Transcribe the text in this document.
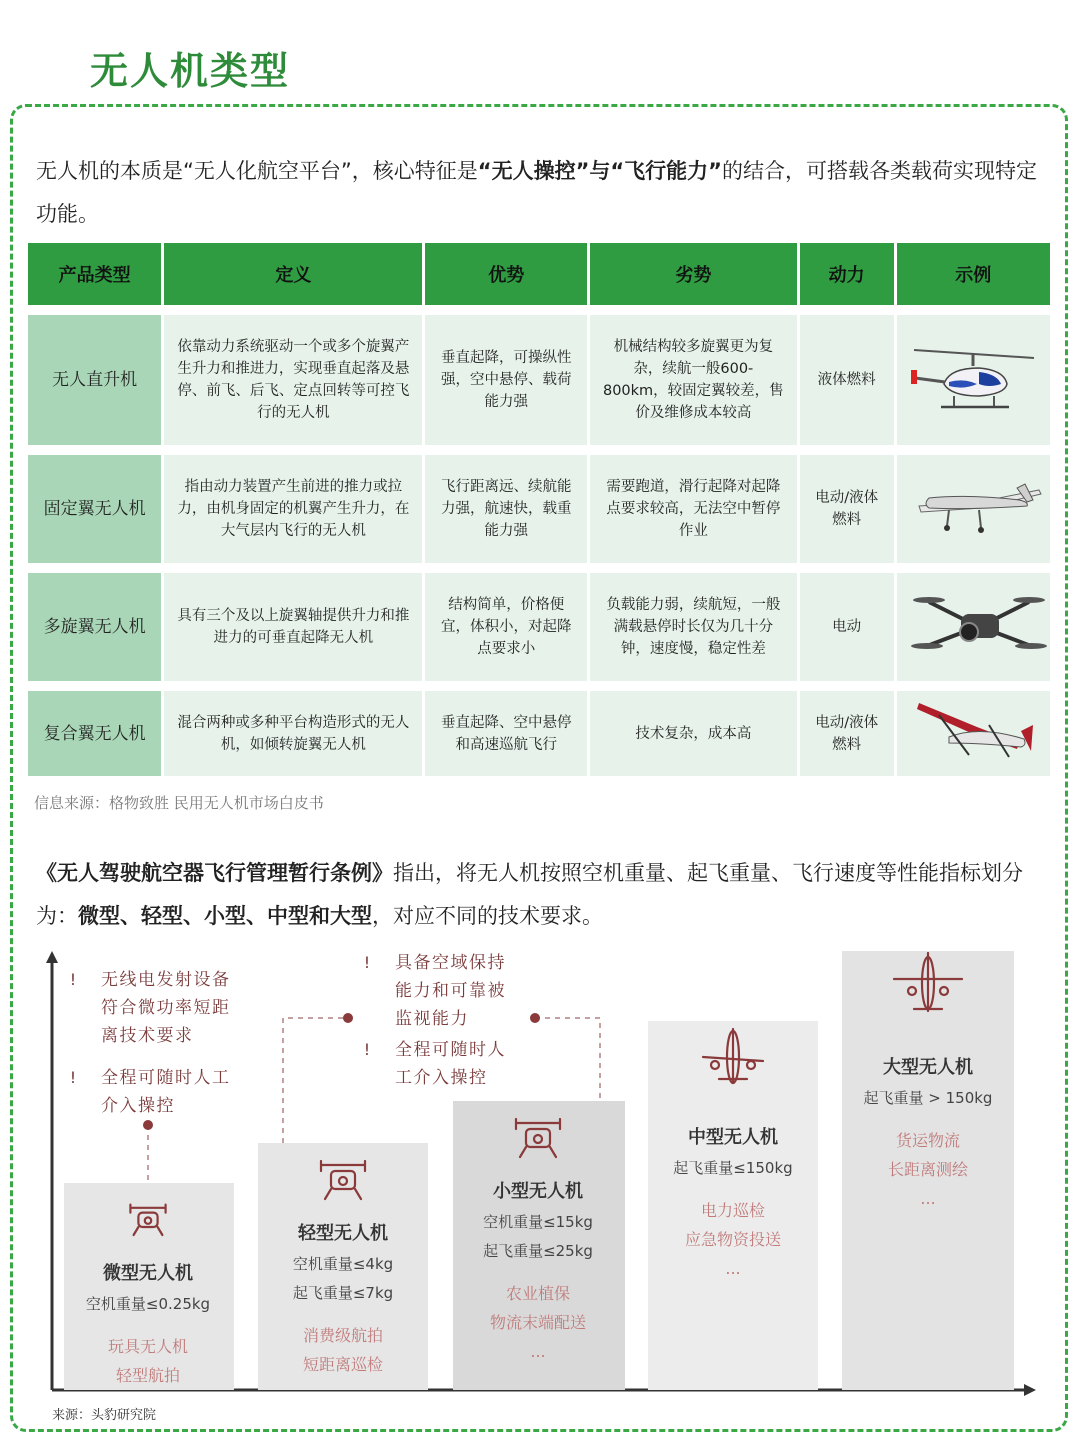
无人机类型
无人机的本质是“无人化航空平台”，核心特征是“无人操控”与“飞行能力”的结合，可搭载各类载荷实现特定功能。
产品类型	定义	优势	劣势	动力	示例

无人直升机	依靠动力系统驱动一个或多个旋翼产生升力和推进力，实现垂直起落及悬停、前飞、后飞、定点回转等可控飞行的无人机	垂直起降，可操纵性强，空中悬停、载荷能力强	机械结构较多旋翼更为复杂，续航一般600-800km，较固定翼较差，售价及维修成本较高	液体燃料	

固定翼无人机	指由动力装置产生前进的推力或拉力，由机身固定的机翼产生升力，在大气层内飞行的无人机	飞行距离远、续航能力强，航速快，载重能力强	需要跑道，滑行起降对起降点要求较高，无法空中暂停作业	电动/液体燃料	

多旋翼无人机	具有三个及以上旋翼轴提供升力和推进力的可垂直起降无人机	结构简单，价格便宜，体积小，对起降点要求小	负载能力弱，续航短，一般满载悬停时长仅为几十分钟，速度慢，稳定性差	电动	

复合翼无人机	混合两种或多种平台构造形式的无人机，如倾转旋翼无人机	垂直起降、空中悬停和高速巡航飞行	技术复杂，成本高	电动/液体燃料	
信息来源：格物致胜 民用无人机市场白皮书
《无人驾驶航空器飞行管理暂行条例》指出，将无人机按照空机重量、起飞重量、飞行速度等性能指标划分为：微型、轻型、小型、中型和大型，对应不同的技术要求。
微型无人机
空机重量≤0.25kg
玩具无人机
轻型航拍
轻型无人机
空机重量≤4kg
起飞重量≤7kg
消费级航拍
短距离巡检
小型无人机
空机重量≤15kg
起飞重量≤25kg
农业植保
物流末端配送
...
中型无人机
起飞重量≤150kg
电力巡检
应急物资投送
...
大型无人机
起飞重量 > 150kg
货运物流
长距离测绘
...
! 无线电发射设备
符合微功率短距
离技术要求
! 全程可随时人工
介入操控
! 具备空域保持
能力和可靠被
监视能力
! 全程可随时人
工介入操控
来源：头豹研究院
